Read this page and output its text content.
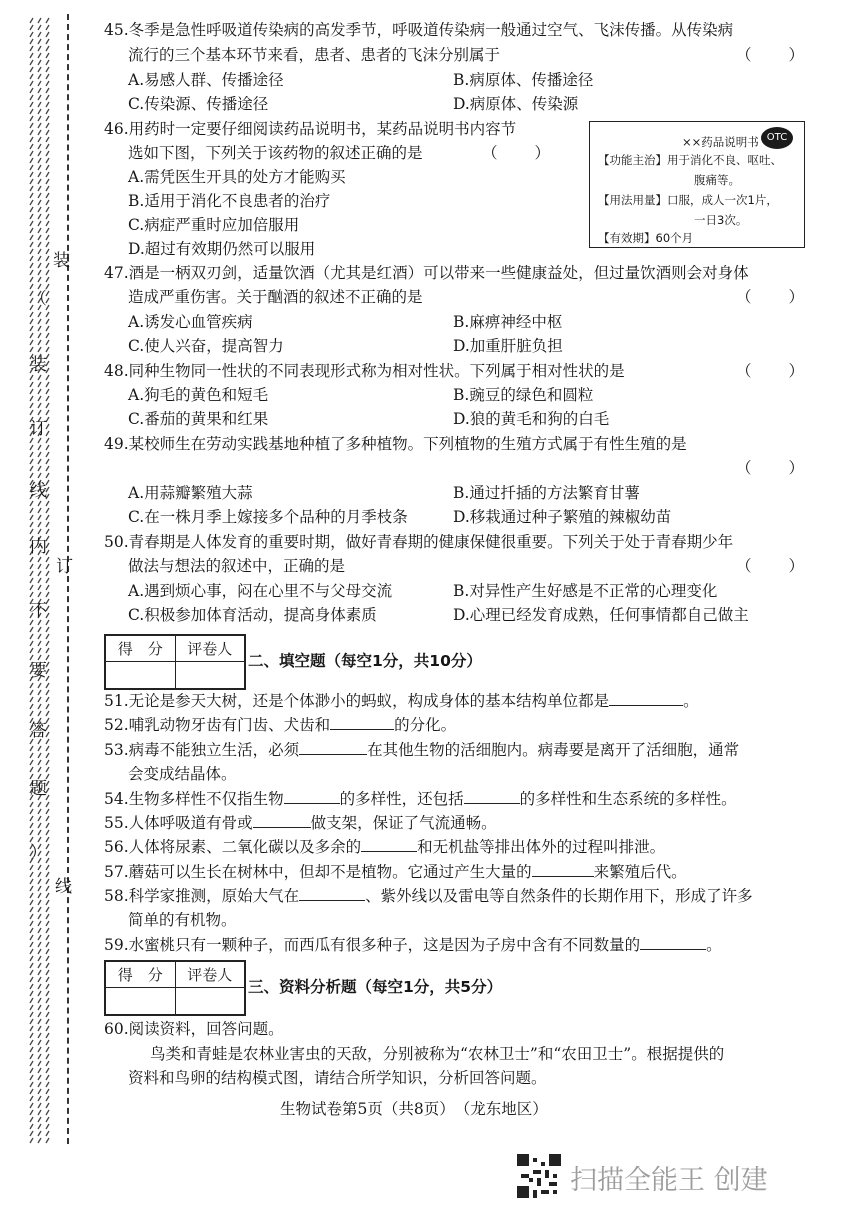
装
订
线
（
装
订
线
内
不
要
答
题
）
45.冬季是急性呼吸道传染病的高发季节，呼吸道传染病一般通过空气、飞沫传播。从传染病
流行的三个基本环节来看，患者、患者的飞沫分别属于	（　　）
A.易感人群、传播途径	B.病原体、传播途径
C.传染源、传播途径	D.病原体、传染源
46.用药时一定要仔细阅读药品说明书，某药品说明书内容节
选如下图，下列关于该药物的叙述正确的是	（　　）
A.需凭医生开具的处方才能购买
B.适用于消化不良患者的治疗
C.病症严重时应加倍服用
D.超过有效期仍然可以服用
××药品说明书 OTC
【功能主治】用于消化不良、呕吐、
腹痛等。
【用法用量】口服，成人一次1片，
一日3次。
【有效期】60个月
47.酒是一柄双刃剑，适量饮酒（尤其是红酒）可以带来一些健康益处，但过量饮酒则会对身体
造成严重伤害。关于酗酒的叙述不正确的是	（　　）
A.诱发心血管疾病	B.麻痹神经中枢
C.使人兴奋，提高智力	D.加重肝脏负担
48.同种生物同一性状的不同表现形式称为相对性状。下列属于相对性状的是	（　　）
A.狗毛的黄色和短毛	B.豌豆的绿色和圆粒
C.番茄的黄果和红果	D.狼的黄毛和狗的白毛
49.某校师生在劳动实践基地种植了多种植物。下列植物的生殖方式属于有性生殖的是
（　　）
A.用蒜瓣繁殖大蒜	B.通过扦插的方法繁育甘薯
C.在一株月季上嫁接多个品种的月季枝条	D.移栽通过种子繁殖的辣椒幼苗
50.青春期是人体发育的重要时期，做好青春期的健康保健很重要。下列关于处于青春期少年
做法与想法的叙述中，正确的是	（　　）
A.遇到烦心事，闷在心里不与父母交流	B.对异性产生好感是不正常的心理变化
C.积极参加体育活动，提高身体素质	D.心理已经发育成熟，任何事情都自己做主
得　分	评卷人

二、填空题（每空1分，共10分）
51.无论是参天大树，还是个体渺小的蚂蚁，构成身体的基本结构单位都是	。
52.哺乳动物牙齿有门齿、犬齿和	的分化。
53.病毒不能独立生活，必须	在其他生物的活细胞内。病毒要是离开了活细胞，通常
会变成结晶体。
54.生物多样性不仅指生物	的多样性，还包括	的多样性和生态系统的多样性。
55.人体呼吸道有骨或	做支架，保证了气流通畅。
56.人体将尿素、二氧化碳以及多余的	和无机盐等排出体外的过程叫排泄。
57.蘑菇可以生长在树林中，但却不是植物。它通过产生大量的	来繁殖后代。
58.科学家推测，原始大气在	、紫外线以及雷电等自然条件的长期作用下，形成了许多
简单的有机物。
59.水蜜桃只有一颗种子，而西瓜有很多种子，这是因为子房中含有不同数量的	。
得　分	评卷人

三、资料分析题（每空1分，共5分）
60.阅读资料，回答问题。
鸟类和青蛙是农林业害虫的天敌，分别被称为“农林卫士”和“农田卫士”。根据提供的
资料和鸟卵的结构模式图，请结合所学知识，分析回答问题。
生物试卷第5页（共8页）　（龙东地区）
扫描全能王 创建
